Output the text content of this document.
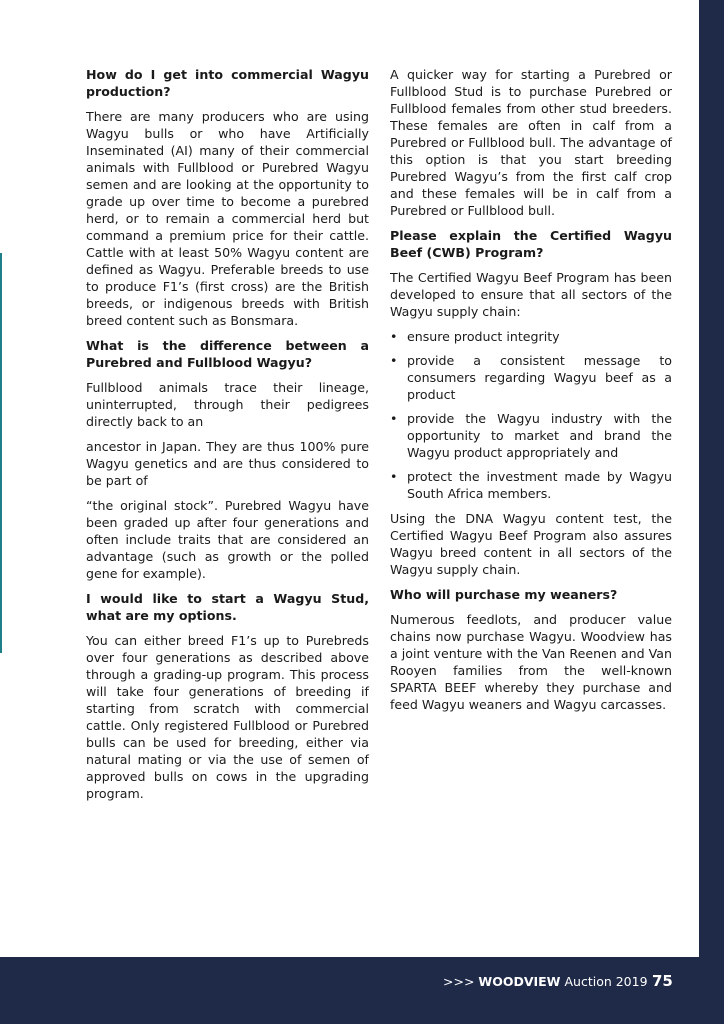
How do I get into commercial Wagyu production?

There are many producers who are using Wagyu bulls or who have Artificially Inseminated (AI) many of their commercial animals with Fullblood or Purebred Wagyu semen and are looking at the opportunity to grade up over time to become a purebred herd, or to remain a commercial herd but command a premium price for their cattle. Cattle with at least 50% Wagyu content are defined as Wagyu. Preferable breeds to use to produce F1’s (first cross) are the British breeds, or indigenous breeds with British breed content such as Bonsmara.

What is the difference between a Purebred and Fullblood Wagyu?

Fullblood animals trace their lineage, uninterrupted, through their pedigrees directly back to an

ancestor in Japan. They are thus 100% pure Wagyu genetics and are thus considered to be part of

“the original stock”. Purebred Wagyu have been graded up after four generations and often include traits that are considered an advantage (such as growth or the polled gene for example).

I would like to start a Wagyu Stud, what are my options.

You can either breed F1’s up to Purebreds over four generations as described above through a grading-up program. This process will take four generations of breeding if starting from scratch with commercial cattle. Only registered Fullblood or Purebred bulls can be used for breeding, either via natural mating or via the use of semen of approved bulls on cows in the upgrading program.

A quicker way for starting a Purebred or Fullblood Stud is to purchase Purebred or Fullblood females from other stud breeders. These females are often in calf from a Purebred or Fullblood bull. The advantage of this option is that you start breeding Purebred Wagyu’s from the first calf crop and these females will be in calf from a Purebred or Fullblood bull.

Please explain the Certified Wagyu Beef (CWB) Program?

The Certified Wagyu Beef Program has been developed to ensure that all sectors of the Wagyu supply chain:

• ensure product integrity
• provide a consistent message to consumers regarding Wagyu beef as a product
• provide the Wagyu industry with the opportunity to market and brand the Wagyu product appropriately and
• protect the investment made by Wagyu South Africa members.

Using the DNA Wagyu content test, the Certified Wagyu Beef Program also assures Wagyu breed content in all sectors of the Wagyu supply chain.

Who will purchase my weaners?

Numerous feedlots, and producer value chains now purchase Wagyu. Woodview has a joint venture with the Van Reenen and Van Rooyen families from the well-known SPARTA BEEF whereby they purchase and feed Wagyu weaners and Wagyu carcasses.

>>> WOODVIEW Auction 2019 75
